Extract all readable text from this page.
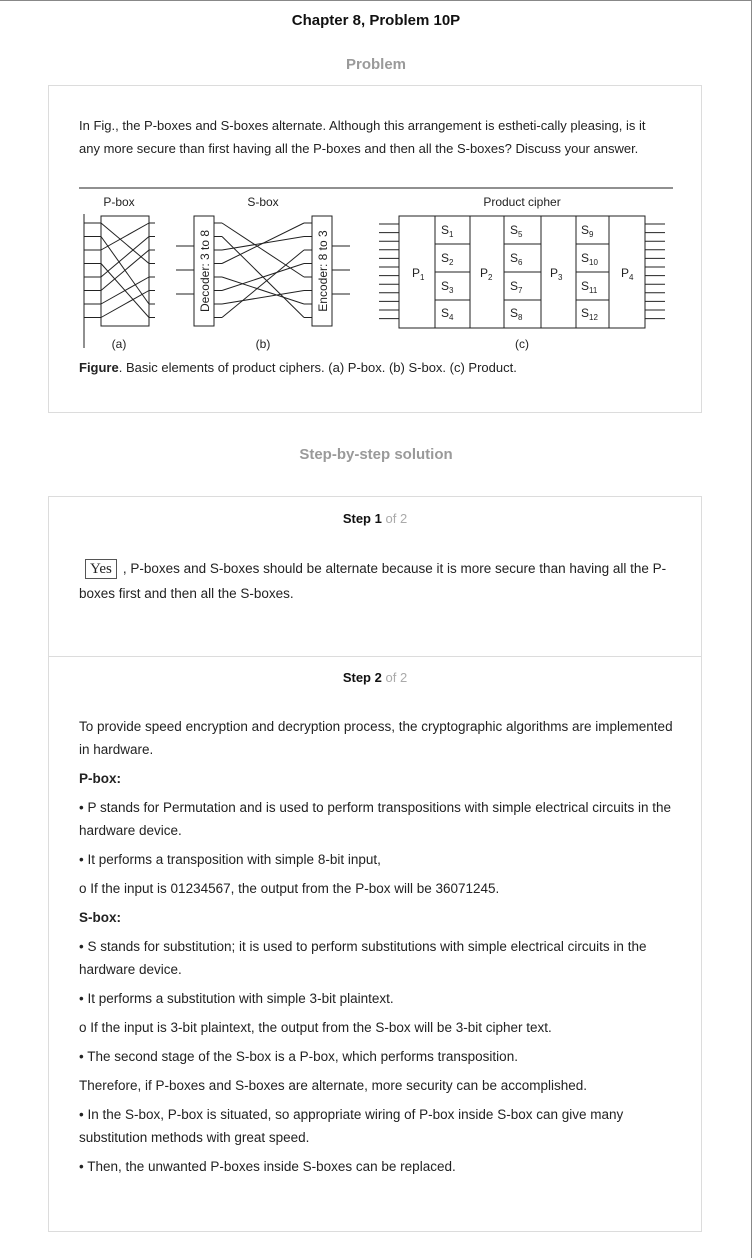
Chapter 8, Problem 10P
Problem
In Fig., the P-boxes and S-boxes alternate. Although this arrangement is estheti-cally pleasing, is it any more secure than first having all the P-boxes and then all the S-boxes? Discuss your answer.
P-box	S-box	Product cipher
(a)	(b)	(c)
Decoder: 3 to 8	Encoder: 8 to 3	$P_1$	$P_2$	$P_3$	$P_4$
$S_1$
$S_2$
$S_3$
$S_4$
$S_5$
$S_6$
$S_7$
$S_8$
$S_9$
$S_{10}$
$S_{11}$
$S_{12}$
Figure. Basic elements of product ciphers. (a) P-box. (b) S-box. (c) Product.
Step-by-step solution
Step 1 of 2
Yes , P-boxes and S-boxes should be alternate because it is more secure than having all the P-boxes first and then all the S-boxes.
Step 2 of 2

To provide speed encryption and decryption process, the cryptographic algorithms are implemented in hardware.

P-box:

• P stands for Permutation and is used to perform transpositions with simple electrical circuits in the hardware device.

• It performs a transposition with simple 8-bit input,

o If the input is 01234567, the output from the P-box will be 36071245.

S-box:

• S stands for substitution; it is used to perform substitutions with simple electrical circuits in the hardware device.

• It performs a substitution with simple 3-bit plaintext.

o If the input is 3-bit plaintext, the output from the S-box will be 3-bit cipher text.

• The second stage of the S-box is a P-box, which performs transposition.

Therefore, if P-boxes and S-boxes are alternate, more security can be accomplished.

• In the S-box, P-box is situated, so appropriate wiring of P-box inside S-box can give many substitution methods with great speed.

• Then, the unwanted P-boxes inside S-boxes can be replaced.
